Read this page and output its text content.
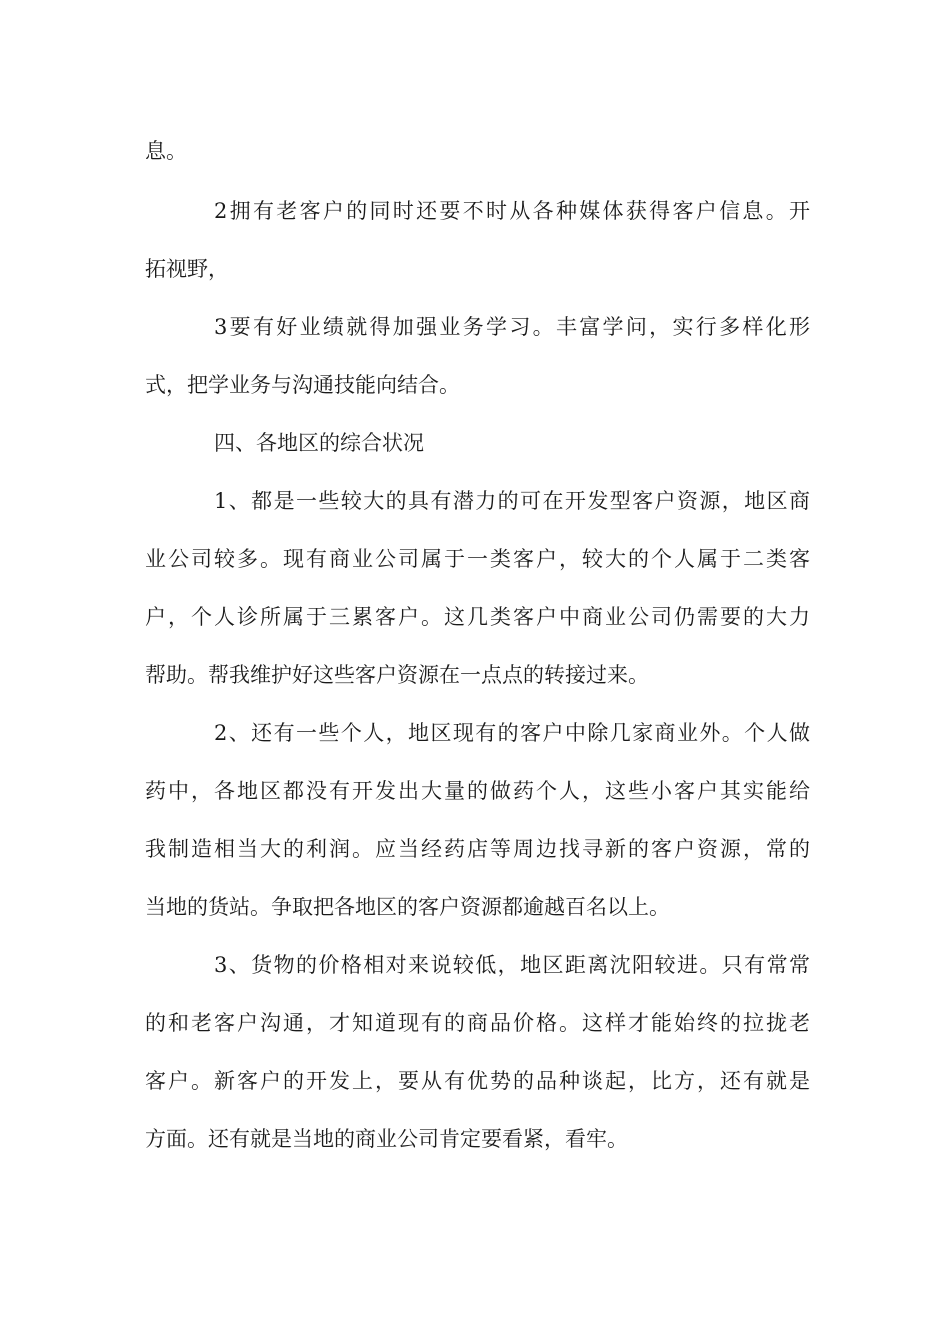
息。
2拥有老客户的同时还要不时从各种媒体获得客户信息。开
拓视野，
3要有好业绩就得加强业务学习。丰富学问，实行多样化形
式，把学业务与沟通技能向结合。
四、各地区的综合状况
1、都是一些较大的具有潜力的可在开发型客户资源，地区商
业公司较多。现有商业公司属于一类客户，较大的个人属于二类客
户，个人诊所属于三累客户。这几类客户中商业公司仍需要的大力
帮助。帮我维护好这些客户资源在一点点的转接过来。
2、还有一些个人，地区现有的客户中除几家商业外。个人做
药中，各地区都没有开发出大量的做药个人，这些小客户其实能给
我制造相当大的利润。应当经药店等周边找寻新的客户资源，常的
当地的货站。争取把各地区的客户资源都逾越百名以上。
3、货物的价格相对来说较低，地区距离沈阳较进。只有常常
的和老客户沟通，才知道现有的商品价格。这样才能始终的拉拢老
客户。新客户的开发上，要从有优势的品种谈起，比方，还有就是
方面。还有就是当地的商业公司肯定要看紧，看牢。
